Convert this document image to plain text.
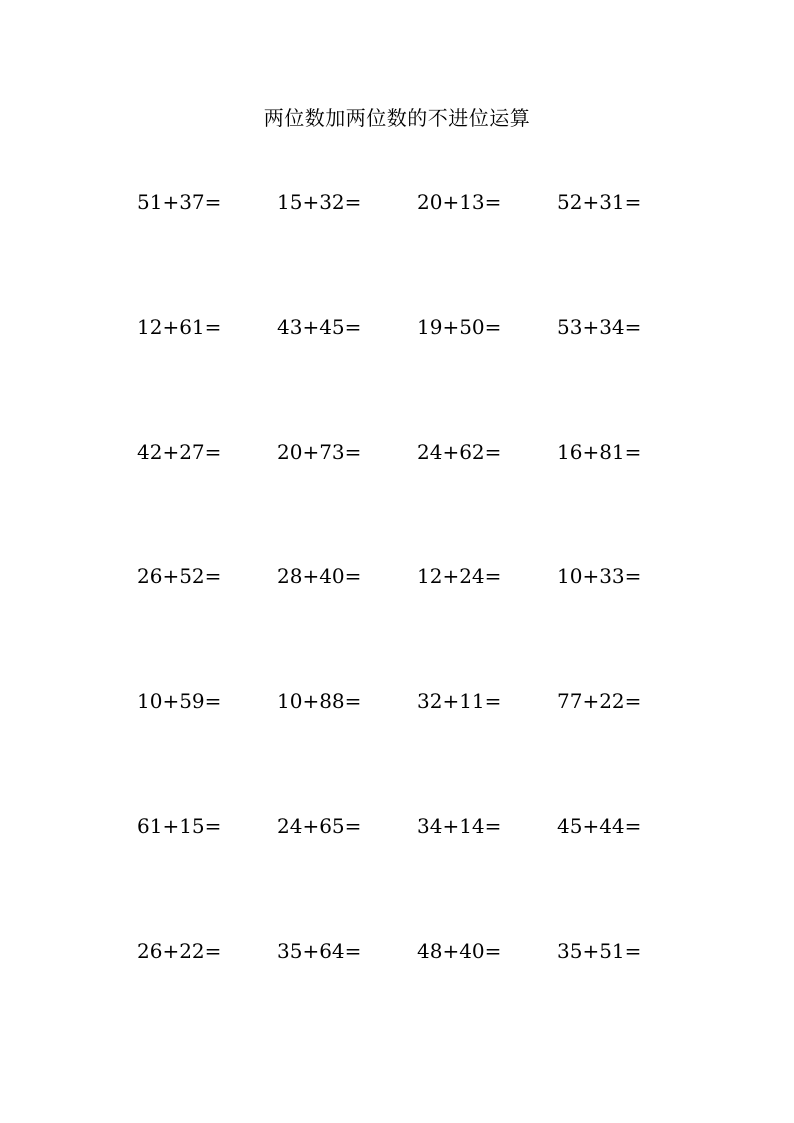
两位数加两位数的不进位运算
51+37=	15+32=	20+13=	52+31=
12+61=	43+45=	19+50=	53+34=
42+27=	20+73=	24+62=	16+81=
26+52=	28+40=	12+24=	10+33=
10+59=	10+88=	32+11=	77+22=
61+15=	24+65=	34+14=	45+44=
26+22=	35+64=	48+40=	35+51=
